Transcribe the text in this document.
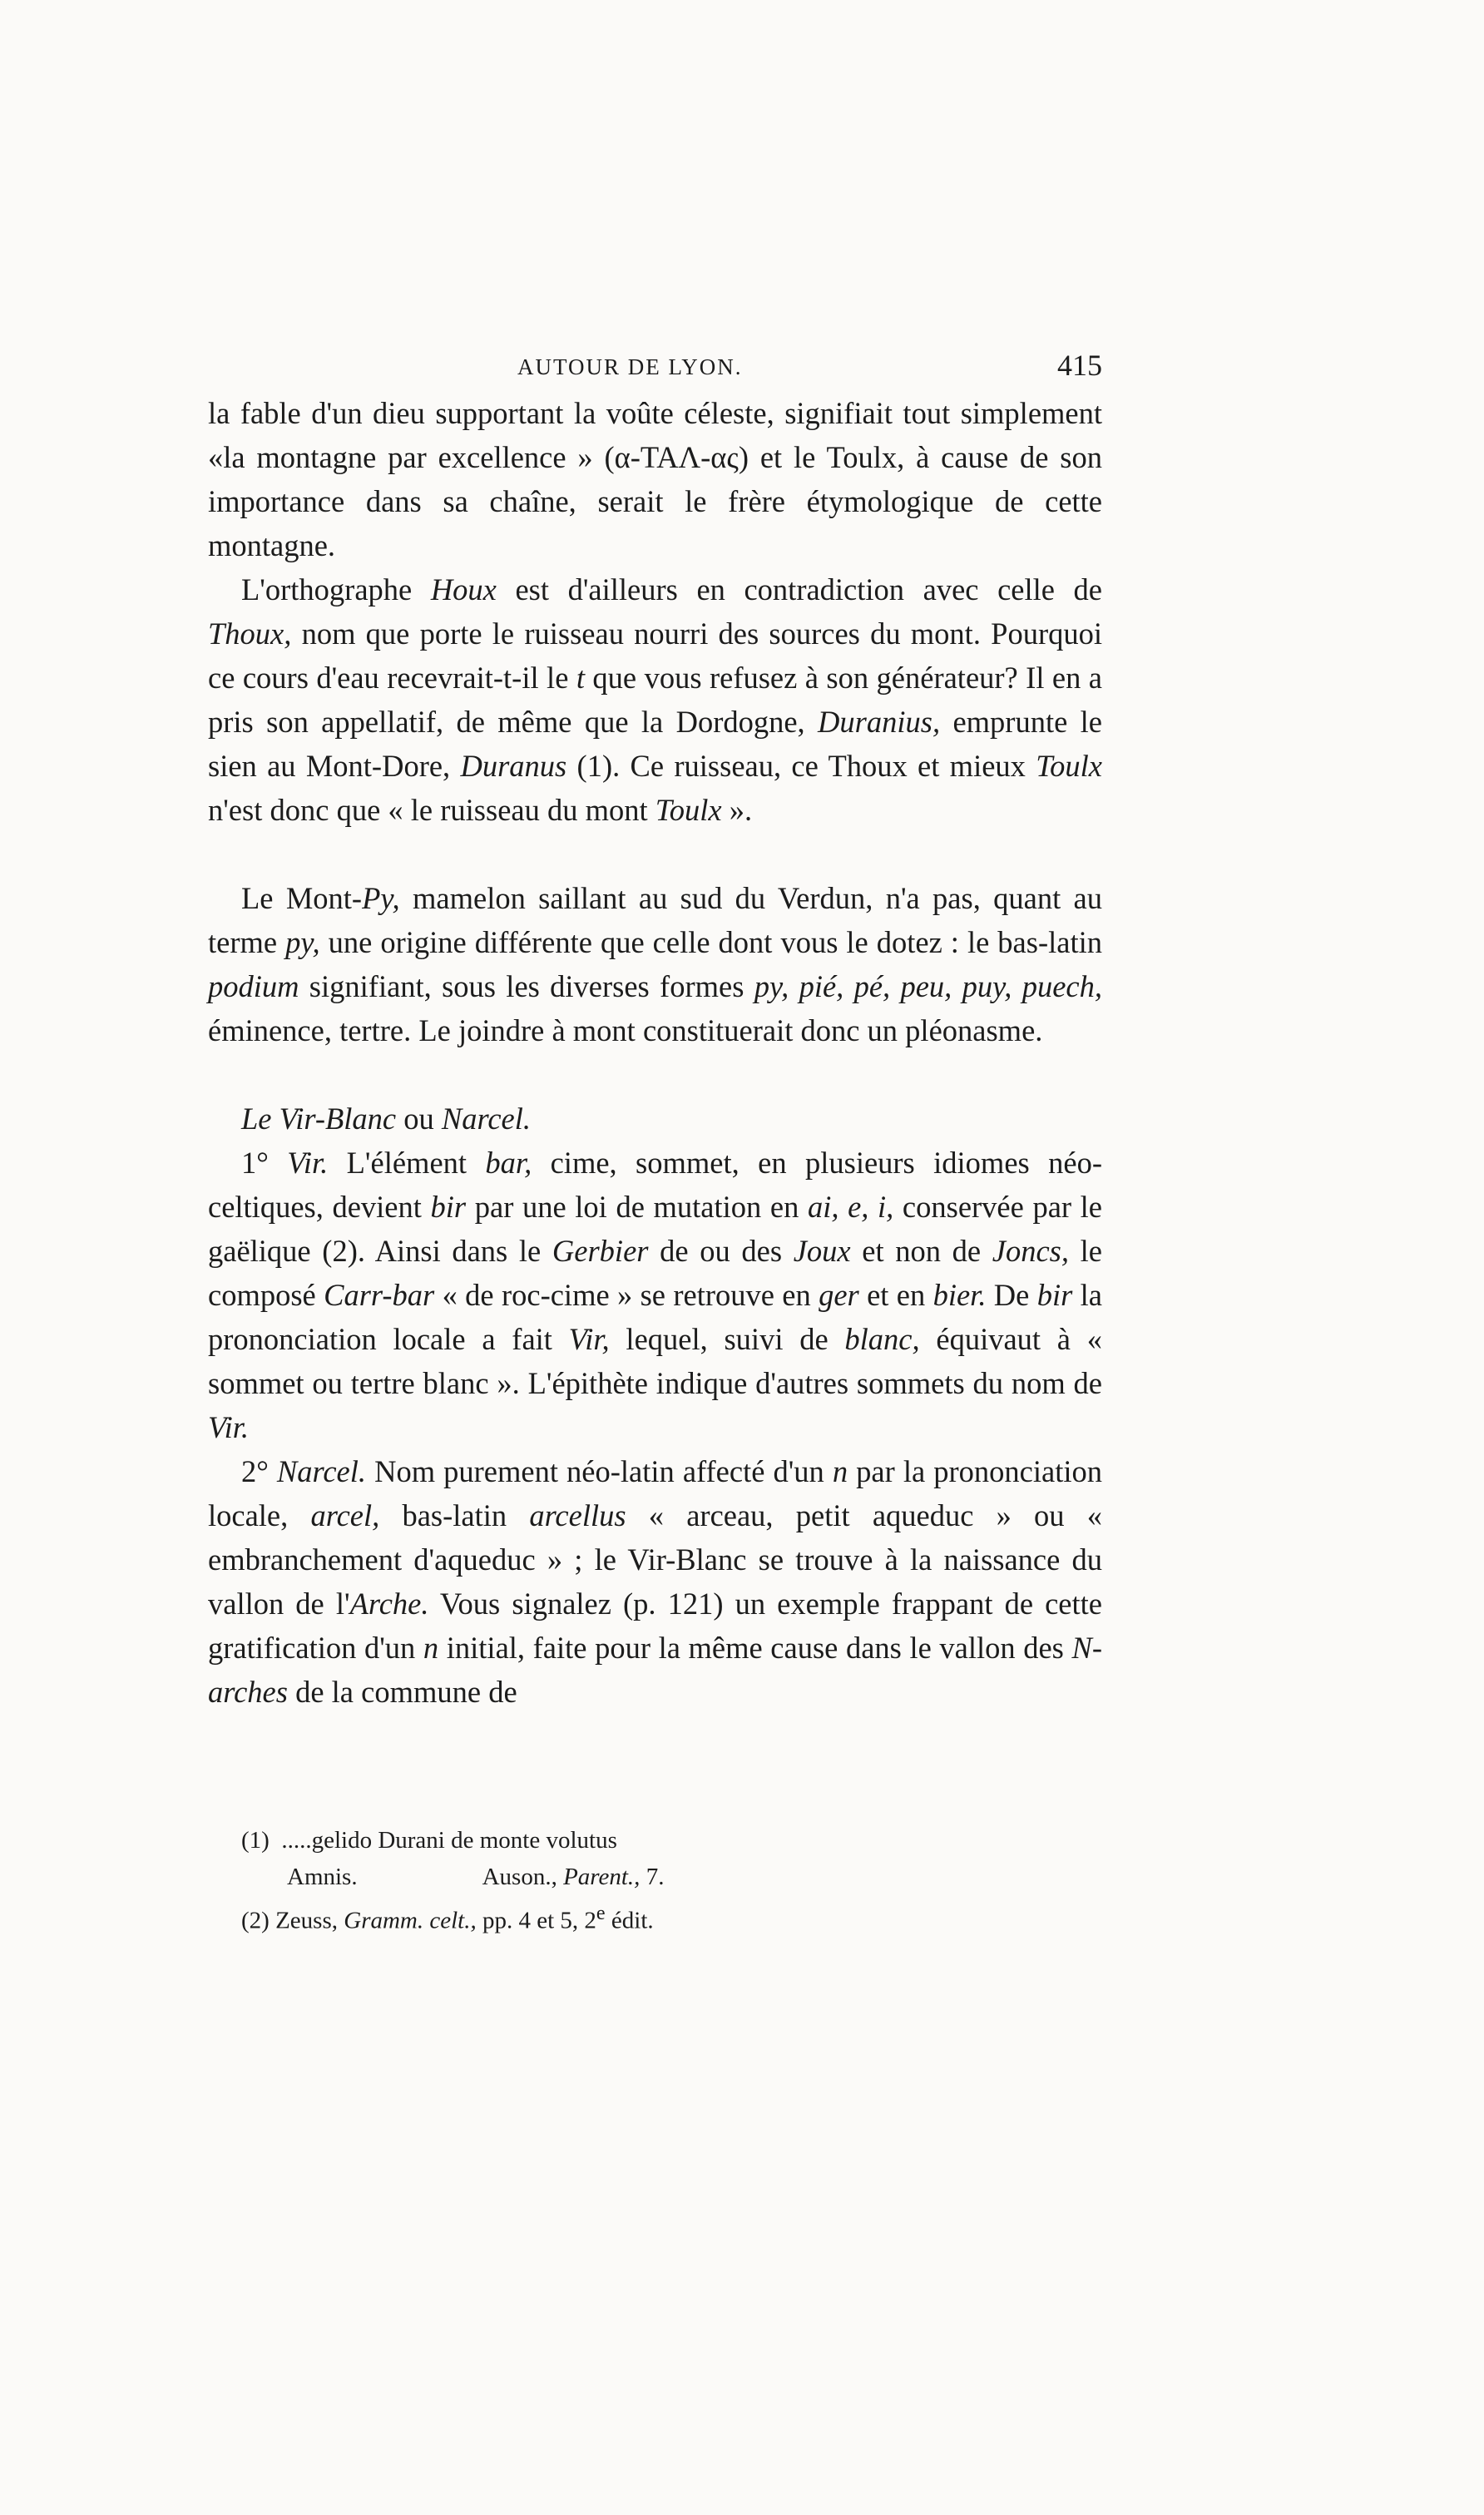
AUTOUR DE LYON.	415

la fable d'un dieu supportant la voûte céleste, signifiait tout simplement «la montagne par excellence » (α-ΤΑΛ-ας) et le Toulx, à cause de son importance dans sa chaîne, serait le frère étymologique de cette montagne.

L'orthographe Houx est d'ailleurs en contradiction avec celle de Thoux, nom que porte le ruisseau nourri des sources du mont. Pourquoi ce cours d'eau recevrait-t-il le t que vous refusez à son générateur? Il en a pris son appellatif, de même que la Dordogne, Duranius, emprunte le sien au Mont-Dore, Duranus (1). Ce ruisseau, ce Thoux et mieux Toulx n'est donc que « le ruisseau du mont Toulx ».

Le Mont-Py, mamelon saillant au sud du Verdun, n'a pas, quant au terme py, une origine différente que celle dont vous le dotez : le bas-latin podium signifiant, sous les diverses formes py, pié, pé, peu, puy, puech, éminence, tertre. Le joindre à mont constituerait donc un pléonasme.

Le Vir-Blanc ou Narcel.

1° Vir. L'élément bar, cime, sommet, en plusieurs idiomes néo-celtiques, devient bir par une loi de mutation en ai, e, i, conservée par le gaëlique (2). Ainsi dans le Gerbier de ou des Joux et non de Joncs, le composé Carr-bar « de roc-cime » se retrouve en ger et en bier. De bir la prononciation locale a fait Vir, lequel, suivi de blanc, équivaut à « sommet ou tertre blanc ». L'épithète indique d'autres sommets du nom de Vir.

2° Narcel. Nom purement néo-latin affecté d'un n par la prononciation locale, arcel, bas-latin arcellus « arceau, petit aqueduc » ou « embranchement d'aqueduc » ; le Vir-Blanc se trouve à la naissance du vallon de l'Arche. Vous signalez (p. 121) un exemple frappant de cette gratification d'un n initial, faite pour la même cause dans le vallon des N-arches de la commune de

(1) .....gelido Durani de monte volutus
Amnis.	Auson., Parent., 7.
(2) Zeuss, Gramm. celt., pp. 4 et 5, 2e édit.
